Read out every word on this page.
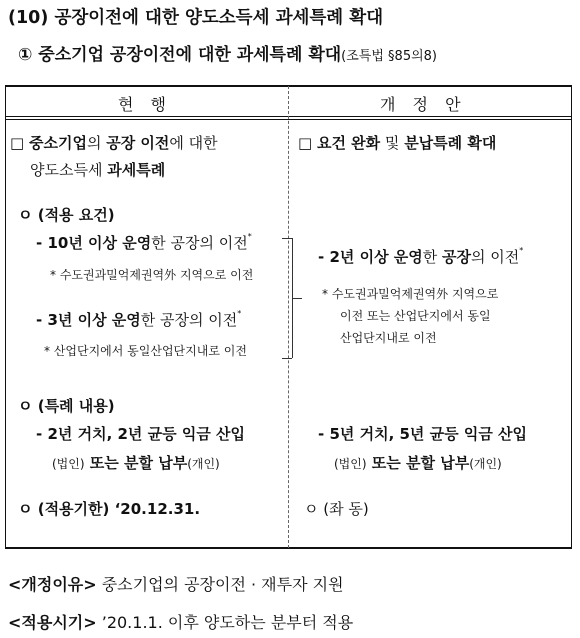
(10) 공장이전에 대한 양도소득세 과세특례 확대
① 중소기업 공장이전에 대한 과세특례 확대(조특법 §85의8)
현 행	개 정 안
□ 중소기업의 공장 이전에 대한
양도소득세 과세특례
ㅇ (적용 요건)
- 10년 이상 운영한 공장의 이전*
* 수도권과밀억제권역外 지역으로 이전
- 3년 이상 운영한 공장의 이전*
* 산업단지에서 동일산업단지내로 이전
ㅇ (특례 내용)
- 2년 거치, 2년 균등 익금 산입
(법인) 또는 분할 납부(개인)
ㅇ (적용기한) ‘20.12.31.
□ 요건 완화 및 분납특례 확대
- 2년 이상 운영한 공장의 이전*
* 수도권과밀억제권역外 지역으로
이전 또는 산업단지에서 동일
산업단지내로 이전
- 5년 거치, 5년 균등 익금 산입
(법인) 또는 분할 납부(개인)
ㅇ (좌 동)
<개정이유> 중소기업의 공장이전 · 재투자 지원
<적용시기> ’20.1.1. 이후 양도하는 분부터 적용
